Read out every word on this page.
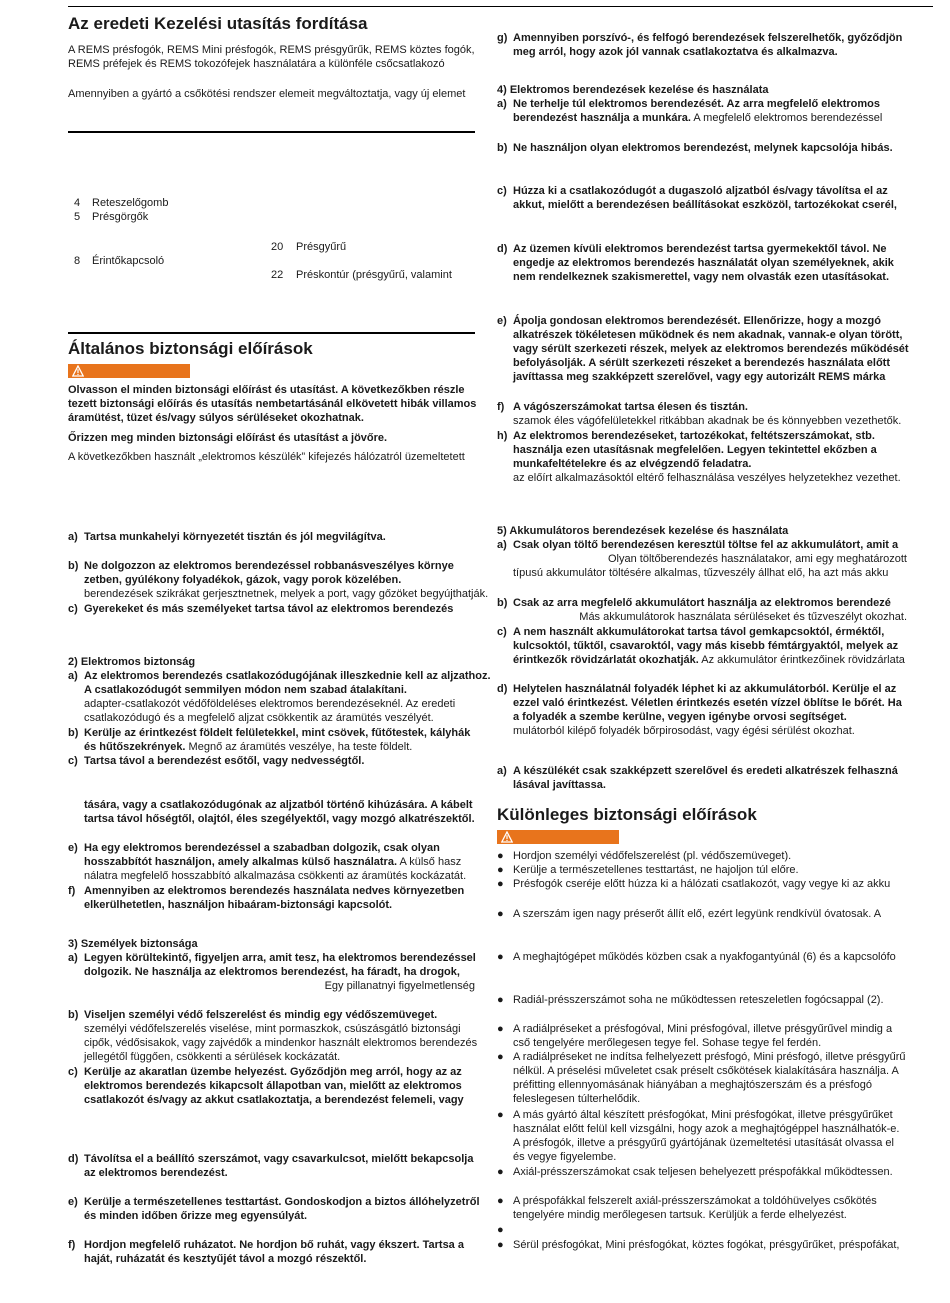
Az eredeti Kezelési utasítás fordítása
A REMS présfogók, REMS Mini présfogók, REMS présgyűrűk, REMS köztes fogók,
REMS préfejek és REMS tokozófejek használatára a különféle csőcsatlakozó
Amennyiben a gyártó a csőkötési rendszer elemeit megváltoztatja, vagy új elemet
4 Reteszelőgomb
5 Présgörgők
8 Érintőkapcsoló
20 Présgyűrű
22 Préskontúr (présgyűrű, valamint
Általános biztonsági előírások
Olvasson el minden biztonsági előírást és utasítást. A következőkben részle
tezett biztonsági előírás és utasítás nembetartásánál elkövetett hibák villamos
áramütést, tüzet és/vagy súlyos sérüléseket okozhatnak.
Őrizzen meg minden biztonsági előírást és utasítást a jövőre.
A következőkben használt „elektromos készülék” kifejezés hálózatról üzemeltetett
a) Tartsa munkahelyi környezetét tisztán és jól megvilágítva.
b) Ne dolgozzon az elektromos berendezéssel robbanásveszélyes környe
zetben, gyúlékony folyadékok, gázok, vagy porok közelében.
berendezések szikrákat gerjesztnetnek, melyek a port, vagy gőzöket begyújthatják.
c) Gyerekeket és más személyeket tartsa távol az elektromos berendezés
2) Elektromos biztonság
a) Az elektromos berendezés csatlakozódugójának illeszkednie kell az aljzathoz.
A csatlakozódugót semmilyen módon nem szabad átalakítani.
adapter-csatlakozót védőföldeléses elektromos berendezéseknél. Az eredeti
csatlakozódugó és a megfelelő aljzat csökkentik az áramütés veszélyét.
b) Kerülje az érintkezést földelt felületekkel, mint csövek, fűtőtestek, kályhák
és hűtőszekrények. Megnő az áramütés veszélye, ha teste földelt.
c) Tartsa távol a berendezést esőtől, vagy nedvességtől.
tására, vagy a csatlakozódugónak az aljzatból történő kihúzására. A kábelt
tartsa távol hőségtől, olajtól, éles szegélyektől, vagy mozgó alkatrészektől.
e) Ha egy elektromos berendezéssel a szabadban dolgozik, csak olyan
hosszabbítót használjon, amely alkalmas külső használatra. A külső hasz
nálatra megfelelő hosszabbító alkalmazása csökkenti az áramütés kockázatát.
f) Amennyiben az elektromos berendezés használata nedves környezetben
elkerülhetetlen, használjon hibaáram-biztonsági kapcsolót.
3) Személyek biztonsága
a) Legyen körültekintő, figyeljen arra, amit tesz, ha elektromos berendezéssel
dolgozik. Ne használja az elektromos berendezést, ha fáradt, ha drogok,
Egy pillanatnyi figyelmetlenség
b) Viseljen személyi védő felszerelést és mindig egy védőszemüveget.
személyi védőfelszerelés viselése, mint pormaszkok, csúszásgátló biztonsági
cipők, védősisakok, vagy zajvédők a mindenkor használt elektromos berendezés
jellegétől függően, csökkenti a sérülések kockázatát.
c) Kerülje az akaratlan üzembe helyezést. Győződjön meg arról, hogy az az
elektromos berendezés kikapcsolt állapotban van, mielőtt az elektromos
csatlakozót és/vagy az akkut csatlakoztatja, a berendezést felemeli, vagy
d) Távolítsa el a beállító szerszámot, vagy csavarkulcsot, mielőtt bekapcsolja
az elektromos berendezést.
e) Kerülje a természetellenes testtartást. Gondoskodjon a biztos állóhelyzetről
és minden időben őrizze meg egyensúlyát.
f) Hordjon megfelelő ruházatot. Ne hordjon bő ruhát, vagy ékszert. Tartsa a
haját, ruházatát és kesztyűjét távol a mozgó részektől.
g) Amennyiben porszívó-, és felfogó berendezések felszerelhetők, győződjön
meg arról, hogy azok jól vannak csatlakoztatva és alkalmazva.
4) Elektromos berendezések kezelése és használata
a) Ne terhelje túl elektromos berendezését. Az arra megfelelő elektromos
berendezést használja a munkára. A megfelelő elektromos berendezéssel
b) Ne használjon olyan elektromos berendezést, melynek kapcsolója hibás.
c) Húzza ki a csatlakozódugót a dugaszoló aljzatból és/vagy távolítsa el az
akkut, mielőtt a berendezésen beállításokat eszközöl, tartozékokat cserél,
d) Az üzemen kívüli elektromos berendezést tartsa gyermekektől távol. Ne
engedje az elektromos berendezés használatát olyan személyeknek, akik
nem rendelkeznek szakismerettel, vagy nem olvasták ezen utasításokat.
e) Ápolja gondosan elektromos berendezését. Ellenőrizze, hogy a mozgó
alkatrészek tökéletesen működnek és nem akadnak, vannak-e olyan törött,
vagy sérült szerkezeti részek, melyek az elektromos berendezés működését
befolyásolják. A sérült szerkezeti részeket a berendezés használata előtt
javíttassa meg szakképzett szerelővel, vagy egy autorizált REMS márka
f) A vágószerszámokat tartsa élesen és tisztán.
szamok éles vágófelületekkel ritkábban akadnak be és könnyebben vezethetők.
h) Az elektromos berendezéseket, tartozékokat, feltétszerszámokat, stb.
használja ezen utasításnak megfelelően. Legyen tekintettel ekőzben a
munkafeltételekre és az elvégzendő feladatra.
az előírt alkalmazásoktól eltérő felhasználása veszélyes helyzetekhez vezethet.
5) Akkumulátoros berendezések kezelése és használata
a) Csak olyan töltő berendezésen keresztül töltse fel az akkumulátort, amit a
Olyan töltőberendezés használatakor, ami egy meghatározott
típusú akkumulátor töltésére alkalmas, tűzveszély állhat elő, ha azt más akku
b) Csak az arra megfelelő akkumulátort használja az elektromos berendezé
Más akkumulátorok használata sérüléseket és tűzveszélyt okozhat.
c) A nem használt akkumulátorokat tartsa távol gemkapcsoktól, érméktől,
kulcsoktól, tűktől, csavaroktól, vagy más kisebb fémtárgyaktól, melyek az
érintkezők rövidzárlatát okozhatják. Az akkumulátor érintkezőinek rövidzárlata
d) Helytelen használatnál folyadék léphet ki az akkumulátorból. Kerülje el az
ezzel való érintkezést. Véletlen érintkezés esetén vízzel öblítse le bőrét. Ha
a folyadék a szembe kerülne, vegyen igénybe orvosi segítséget.
mulátorból kilépő folyadék bőrpirosodást, vagy égési sérülést okozhat.
a) A készülékét csak szakképzett szerelővel és eredeti alkatrészek felhaszná
lásával javíttassa.
Különleges biztonsági előírások
● Hordjon személyi védőfelszerelést (pl. védőszemüveget).
● Kerülje a természetellenes testtartást, ne hajoljon túl előre.
● Présfogók cseréje előtt húzza ki a hálózati csatlakozót, vagy vegye ki az akku
● A szerszám igen nagy préserőt állít elő, ezért legyünk rendkívül óvatosak. A
● A meghajtógépet működés közben csak a nyakfogantyúnál (6) és a kapcsolófo
● Radiál-présszerszámot soha ne működtessen reteszeletlen fogócsappal (2).
● A radiálpréseket a présfogóval, Mini présfogóval, illetve présgyűrűvel mindig a
cső tengelyére merőlegesen tegye fel. Sohase tegye fel ferdén.
● A radiálpréseket ne indítsa felhelyezett présfogó, Mini présfogó, illetve présgyűrű
nélkül. A préselési műveletet csak préselt csőkötések kialakítására használja. A
préfitting ellennyomásának hiányában a meghajtószerszám és a présfogó
feleslegesen túlterhelődik.
● A más gyártó által készített présfogókat, Mini présfogókat, illetve présgyűrűket
használat előtt felül kell vizsgálni, hogy azok a meghajtógéppel használhatók-e.
A présfogók, illetve a présgyűrű gyártójának üzemeltetési utasítását olvassa el
és vegye figyelembe.
● Axiál-présszerszámokat csak teljesen behelyezett préspofákkal működtessen.
● A préspofákkal felszerelt axiál-présszerszámokat a toldóhüvelyes csőkötés
tengelyére mindig merőlegesen tartsuk. Kerüljük a ferde elhelyezést.
●
● Sérül présfogókat, Mini présfogókat, köztes fogókat, présgyűrűket, préspofákat,
